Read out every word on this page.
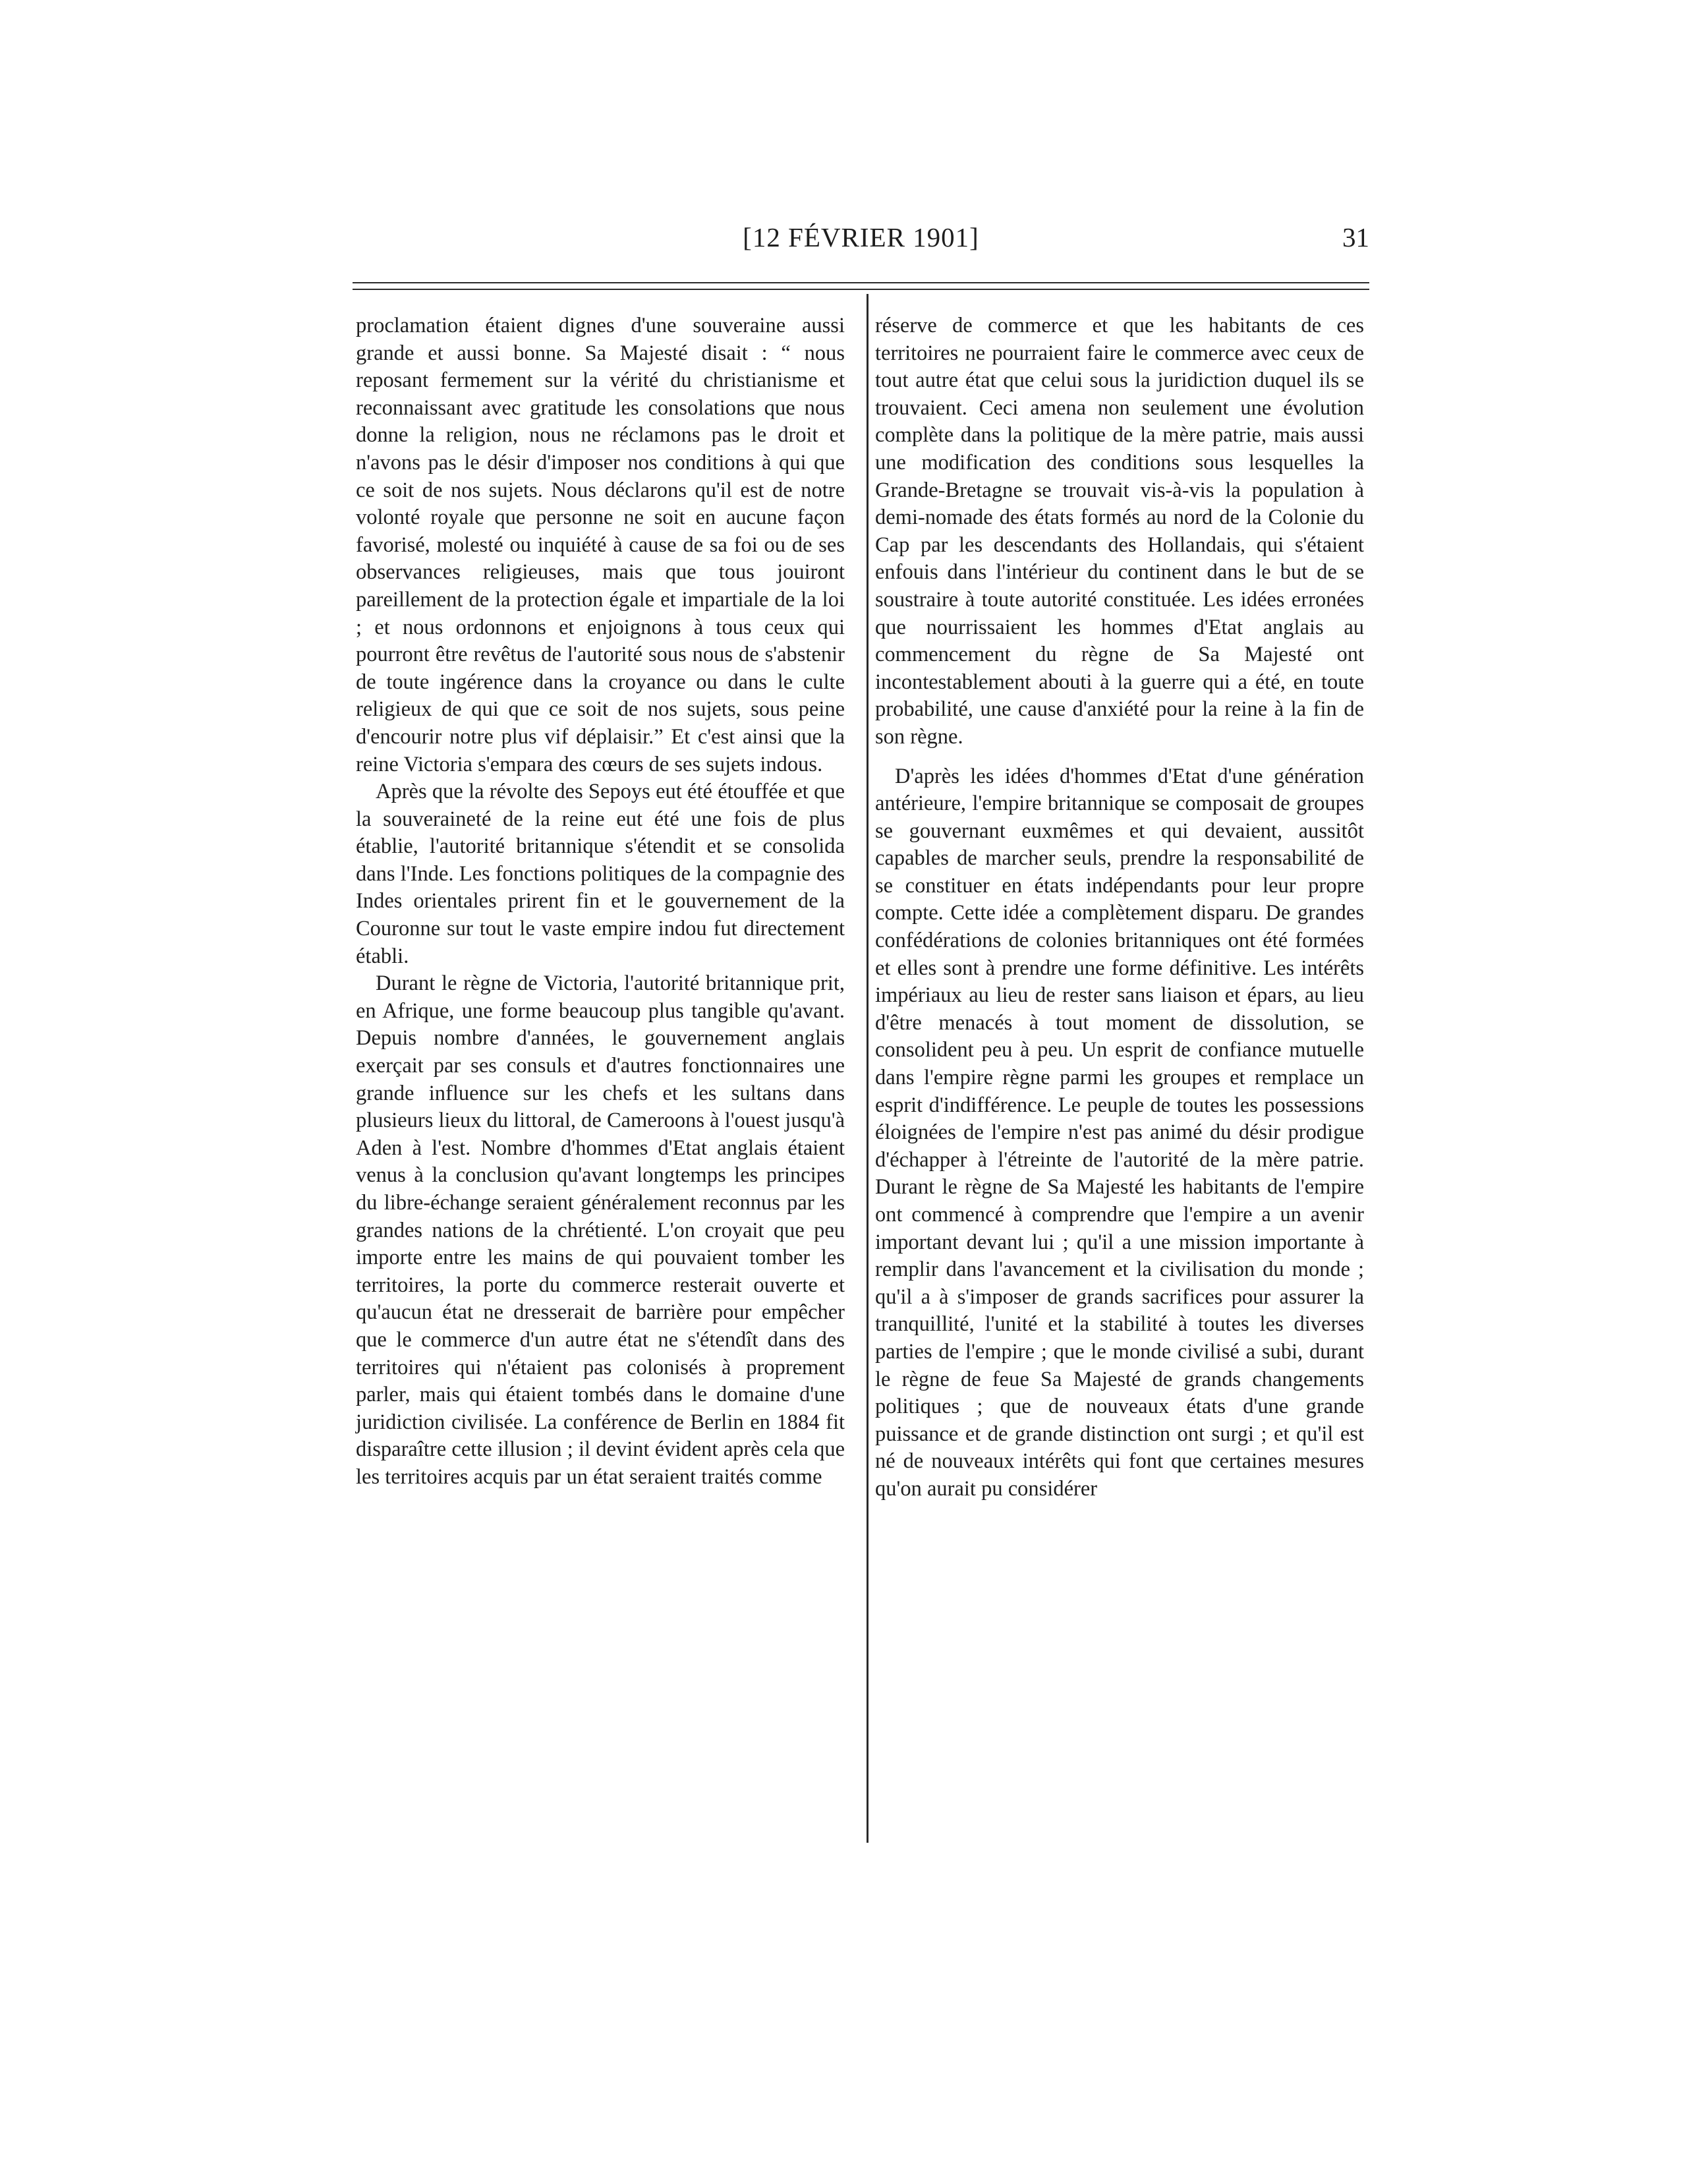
[12 FÉVRIER 1901]	31

proclamation étaient dignes d'une souveraine aussi grande et aussi bonne. Sa Majesté disait : “ nous reposant fermement sur la vérité du christianisme et reconnaissant avec gratitude les consolations que nous donne la religion, nous ne réclamons pas le droit et n'avons pas le désir d'imposer nos conditions à qui que ce soit de nos sujets. Nous déclarons qu'il est de notre volonté royale que personne ne soit en aucune façon favorisé, molesté ou inquiété à cause de sa foi ou de ses observances religieuses, mais que tous jouiront pareillement de la protection égale et impartiale de la loi ; et nous ordonnons et enjoignons à tous ceux qui pourront être revêtus de l'autorité sous nous de s'abstenir de toute ingérence dans la croyance ou dans le culte religieux de qui que ce soit de nos sujets, sous peine d'encourir notre plus vif déplaisir.” Et c'est ainsi que la reine Victoria s'empara des cœurs de ses sujets indous.

Après que la révolte des Sepoys eut été étouffée et que la souveraineté de la reine eut été une fois de plus établie, l'autorité britannique s'étendit et se consolida dans l'Inde. Les fonctions politiques de la compagnie des Indes orientales prirent fin et le gouvernement de la Couronne sur tout le vaste empire indou fut directement établi.

Durant le règne de Victoria, l'autorité britannique prit, en Afrique, une forme beaucoup plus tangible qu'avant. Depuis nombre d'années, le gouvernement anglais exerçait par ses consuls et d'autres fonctionnaires une grande influence sur les chefs et les sultans dans plusieurs lieux du littoral, de Cameroons à l'ouest jusqu'à Aden à l'est. Nombre d'hommes d'Etat anglais étaient venus à la conclusion qu'avant longtemps les principes du libre-échange seraient généralement reconnus par les grandes nations de la chrétienté. L'on croyait que peu importe entre les mains de qui pouvaient tomber les territoires, la porte du commerce resterait ouverte et qu'aucun état ne dresserait de barrière pour empêcher que le commerce d'un autre état ne s'étendît dans des territoires qui n'étaient pas colonisés à proprement parler, mais qui étaient tombés dans le domaine d'une juridiction civilisée. La conférence de Berlin en 1884 fit disparaître cette illusion ; il devint évident après cela que les territoires acquis par un état seraient traités comme

réserve de commerce et que les habitants de ces territoires ne pourraient faire le commerce avec ceux de tout autre état que celui sous la juridiction duquel ils se trouvaient. Ceci amena non seulement une évolution complète dans la politique de la mère patrie, mais aussi une modification des conditions sous lesquelles la Grande-Bretagne se trouvait vis-à-vis la population à demi-nomade des états formés au nord de la Colonie du Cap par les descendants des Hollandais, qui s'étaient enfouis dans l'intérieur du continent dans le but de se soustraire à toute autorité constituée. Les idées erronées que nourrissaient les hommes d'Etat anglais au commencement du règne de Sa Majesté ont incontestablement abouti à la guerre qui a été, en toute probabilité, une cause d'anxiété pour la reine à la fin de son règne.

D'après les idées d'hommes d'Etat d'une génération antérieure, l'empire britannique se composait de groupes se gouvernant euxmêmes et qui devaient, aussitôt capables de marcher seuls, prendre la responsabilité de se constituer en états indépendants pour leur propre compte. Cette idée a complètement disparu. De grandes confédérations de colonies britanniques ont été formées et elles sont à prendre une forme définitive. Les intérêts impériaux au lieu de rester sans liaison et épars, au lieu d'être menacés à tout moment de dissolution, se consolident peu à peu. Un esprit de confiance mutuelle dans l'empire règne parmi les groupes et remplace un esprit d'indifférence. Le peuple de toutes les possessions éloignées de l'empire n'est pas animé du désir prodigue d'échapper à l'étreinte de l'autorité de la mère patrie. Durant le règne de Sa Majesté les habitants de l'empire ont commencé à comprendre que l'empire a un avenir important devant lui ; qu'il a une mission importante à remplir dans l'avancement et la civilisation du monde ; qu'il a à s'imposer de grands sacrifices pour assurer la tranquillité, l'unité et la stabilité à toutes les diverses parties de l'empire ; que le monde civilisé a subi, durant le règne de feue Sa Majesté de grands changements politiques ; que de nouveaux états d'une grande puissance et de grande distinction ont surgi ; et qu'il est né de nouveaux intérêts qui font que certaines mesures qu'on aurait pu considérer
